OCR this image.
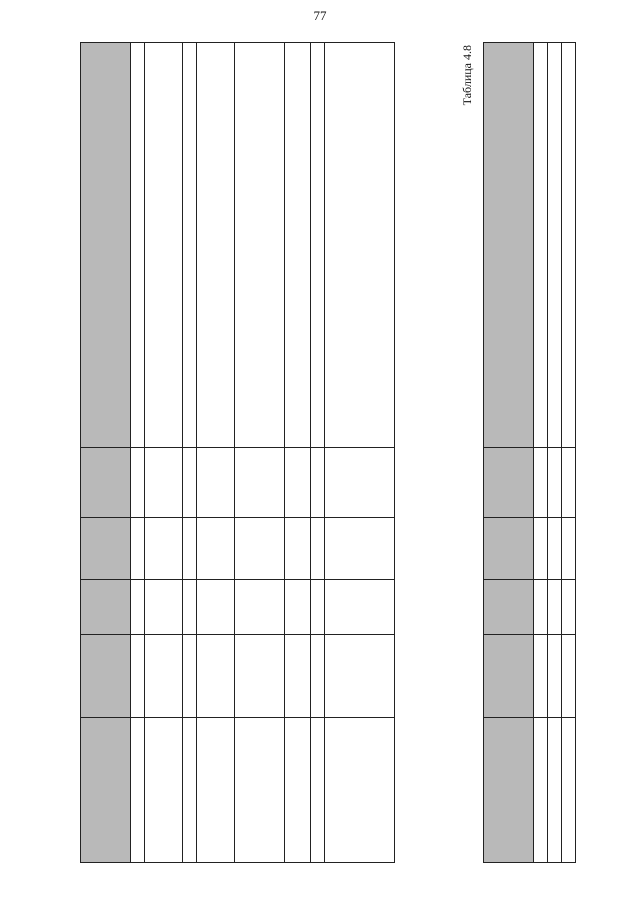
77

Таблица 4.8
